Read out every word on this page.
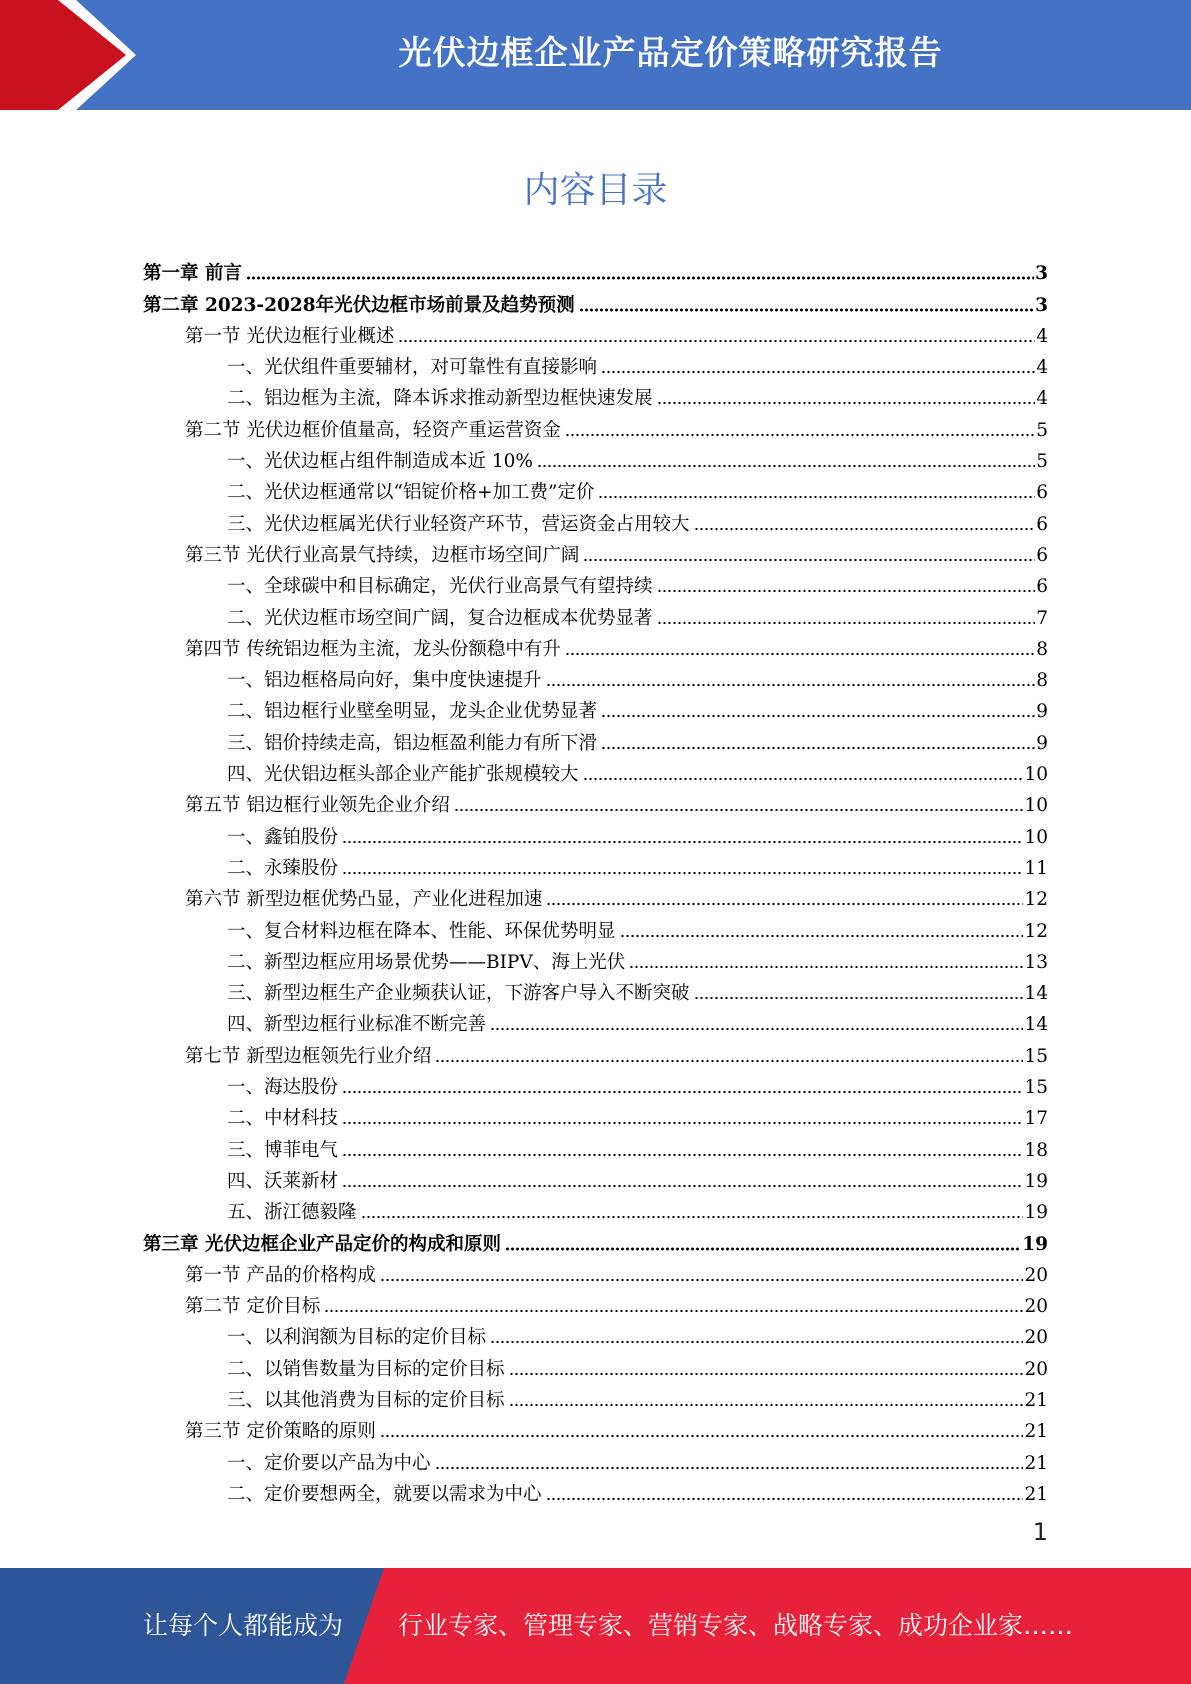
光伏边框企业产品定价策略研究报告
内容目录
第一章 前言	3
第二章 2023-2028年光伏边框市场前景及趋势预测	3
第一节 光伏边框行业概述	4
一、光伏组件重要辅材，对可靠性有直接影响	4
二、铝边框为主流，降本诉求推动新型边框快速发展	4
第二节 光伏边框价值量高，轻资产重运营资金	5
一、光伏边框占组件制造成本近 10%	5
二、光伏边框通常以“铝锭价格+加工费”定价	6
三、光伏边框属光伏行业轻资产环节，营运资金占用较大	6
第三节 光伏行业高景气持续，边框市场空间广阔	6
一、全球碳中和目标确定，光伏行业高景气有望持续	6
二、光伏边框市场空间广阔，复合边框成本优势显著	7
第四节 传统铝边框为主流，龙头份额稳中有升	8
一、铝边框格局向好，集中度快速提升	8
二、铝边框行业壁垒明显，龙头企业优势显著	9
三、铝价持续走高，铝边框盈利能力有所下滑	9
四、光伏铝边框头部企业产能扩张规模较大	10
第五节 铝边框行业领先企业介绍	10
一、鑫铂股份	10
二、永臻股份	11
第六节 新型边框优势凸显，产业化进程加速	12
一、复合材料边框在降本、性能、环保优势明显	12
二、新型边框应用场景优势——BIPV、海上光伏	13
三、新型边框生产企业频获认证，下游客户导入不断突破	14
四、新型边框行业标准不断完善	14
第七节 新型边框领先行业介绍	15
一、海达股份	15
二、中材科技	17
三、博菲电气	18
四、沃莱新材	19
五、浙江德毅隆	19
第三章 光伏边框企业产品定价的构成和原则	19
第一节 产品的价格构成	20
第二节 定价目标	20
一、以利润额为目标的定价目标	20
二、以销售数量为目标的定价目标	20
三、以其他消费为目标的定价目标	21
第三节 定价策略的原则	21
一、定价要以产品为中心	21
二、定价要想两全，就要以需求为中心	21
1
让每个人都能成为 行业专家、管理专家、营销专家、战略专家、成功企业家……
